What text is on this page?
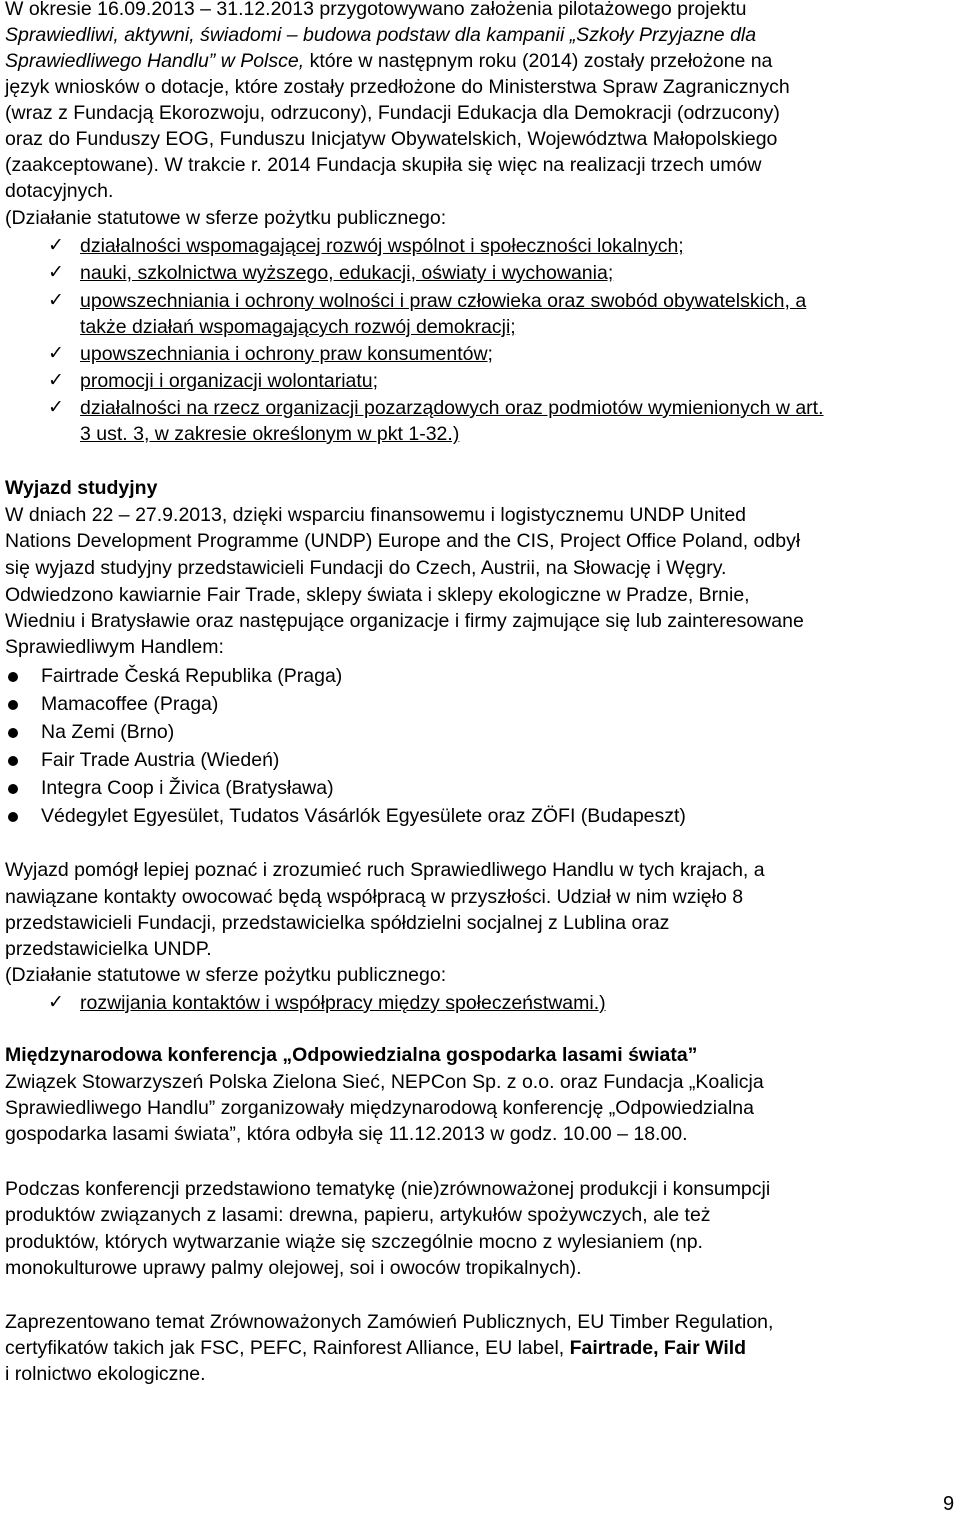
W okresie 16.09.2013 – 31.12.2013 przygotowywano założenia pilotażowego projektu
Sprawiedliwi, aktywni, świadomi – budowa podstaw dla kampanii „Szkoły Przyjazne dla
Sprawiedliwego Handlu” w Polsce, które w następnym roku (2014) zostały przełożone na
język wniosków o dotacje, które zostały przedłożone do Ministerstwa Spraw Zagranicznych
(wraz z Fundacją Ekorozwoju, odrzucony), Fundacji Edukacja dla Demokracji (odrzucony)
oraz do Funduszy EOG, Funduszu Inicjatyw Obywatelskich, Województwa Małopolskiego
(zaakceptowane). W trakcie r. 2014 Fundacja skupiła się więc na realizacji trzech umów
dotacyjnych.
(Działanie statutowe w sferze pożytku publicznego:
✓ działalności wspomagającej rozwój wspólnot i społeczności lokalnych;
✓ nauki, szkolnictwa wyższego, edukacji, oświaty i wychowania;
✓ upowszechniania i ochrony wolności i praw człowieka oraz swobód obywatelskich, a
także działań wspomagających rozwój demokracji;
✓ upowszechniania i ochrony praw konsumentów;
✓ promocji i organizacji wolontariatu;
✓ działalności na rzecz organizacji pozarządowych oraz podmiotów wymienionych w art.
3 ust. 3, w zakresie określonym w pkt 1-32.)
Wyjazd studyjny
W dniach 22 – 27.9.2013, dzięki wsparciu finansowemu i logistycznemu UNDP United
Nations Development Programme (UNDP) Europe and the CIS, Project Office Poland, odbył
się wyjazd studyjny przedstawicieli Fundacji do Czech, Austrii, na Słowację i Węgry.
Odwiedzono kawiarnie Fair Trade, sklepy świata i sklepy ekologiczne w Pradze, Brnie,
Wiedniu i Bratysławie oraz następujące organizacje i firmy zajmujące się lub zainteresowane
Sprawiedliwym Handlem:
Fairtrade Česká Republika (Praga)
Mamacoffee (Praga)
Na Zemi (Brno)
Fair Trade Austria (Wiedeń)
Integra Coop i Živica (Bratysława)
Védegylet Egyesület, Tudatos Vásárlók Egyesülete oraz ZÖFI (Budapeszt)
Wyjazd pomógł lepiej poznać i zrozumieć ruch Sprawiedliwego Handlu w tych krajach, a
nawiązane kontakty owocować będą współpracą w przyszłości. Udział w nim wzięło 8
przedstawicieli Fundacji, przedstawicielka spółdzielni socjalnej z Lublina oraz
przedstawicielka UNDP.
(Działanie statutowe w sferze pożytku publicznego:
✓ rozwijania kontaktów i współpracy między społeczeństwami.)
Międzynarodowa konferencja „Odpowiedzialna gospodarka lasami świata”
Związek Stowarzyszeń Polska Zielona Sieć, NEPCon Sp. z o.o. oraz Fundacja „Koalicja
Sprawiedliwego Handlu” zorganizowały międzynarodową konferencję „Odpowiedzialna
gospodarka lasami świata”, która odbyła się 11.12.2013 w godz. 10.00 – 18.00.
Podczas konferencji przedstawiono tematykę (nie)zrównoważonej produkcji i konsumpcji
produktów związanych z lasami: drewna, papieru, artykułów spożywczych, ale też
produktów, których wytwarzanie wiąże się szczególnie mocno z wylesianiem (np.
monokulturowe uprawy palmy olejowej, soi i owoców tropikalnych).
Zaprezentowano temat Zrównoważonych Zamówień Publicznych, EU Timber Regulation,
certyfikatów takich jak FSC, PEFC, Rainforest Alliance, EU label, Fairtrade, Fair Wild
i rolnictwo ekologiczne.
9
